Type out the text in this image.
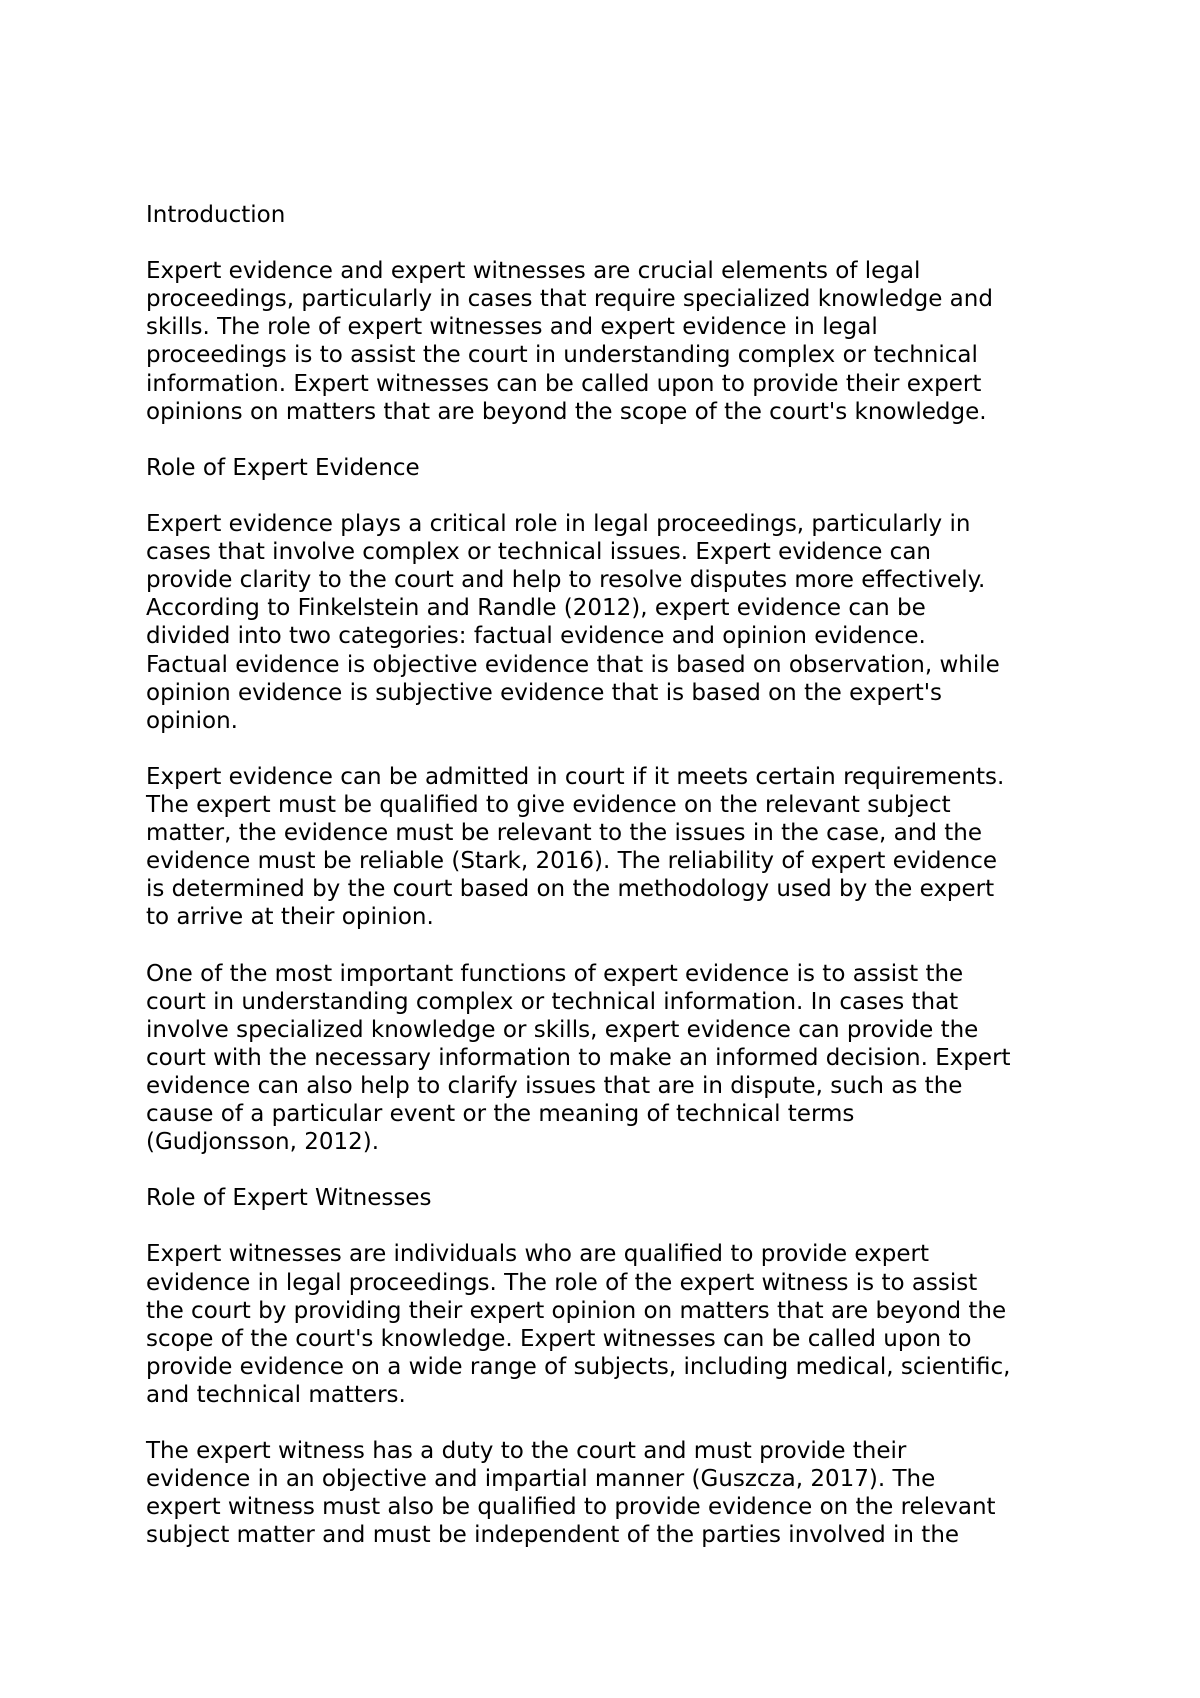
Introduction

Expert evidence and expert witnesses are crucial elements of legal
proceedings, particularly in cases that require specialized knowledge and
skills. The role of expert witnesses and expert evidence in legal
proceedings is to assist the court in understanding complex or technical
information. Expert witnesses can be called upon to provide their expert
opinions on matters that are beyond the scope of the court's knowledge.

Role of Expert Evidence

Expert evidence plays a critical role in legal proceedings, particularly in
cases that involve complex or technical issues. Expert evidence can
provide clarity to the court and help to resolve disputes more effectively.
According to Finkelstein and Randle (2012), expert evidence can be
divided into two categories: factual evidence and opinion evidence.
Factual evidence is objective evidence that is based on observation, while
opinion evidence is subjective evidence that is based on the expert's
opinion.

Expert evidence can be admitted in court if it meets certain requirements.
The expert must be qualified to give evidence on the relevant subject
matter, the evidence must be relevant to the issues in the case, and the
evidence must be reliable (Stark, 2016). The reliability of expert evidence
is determined by the court based on the methodology used by the expert
to arrive at their opinion.

One of the most important functions of expert evidence is to assist the
court in understanding complex or technical information. In cases that
involve specialized knowledge or skills, expert evidence can provide the
court with the necessary information to make an informed decision. Expert
evidence can also help to clarify issues that are in dispute, such as the
cause of a particular event or the meaning of technical terms
(Gudjonsson, 2012).

Role of Expert Witnesses

Expert witnesses are individuals who are qualified to provide expert
evidence in legal proceedings. The role of the expert witness is to assist
the court by providing their expert opinion on matters that are beyond the
scope of the court's knowledge. Expert witnesses can be called upon to
provide evidence on a wide range of subjects, including medical, scientific,
and technical matters.

The expert witness has a duty to the court and must provide their
evidence in an objective and impartial manner (Guszcza, 2017). The
expert witness must also be qualified to provide evidence on the relevant
subject matter and must be independent of the parties involved in the
